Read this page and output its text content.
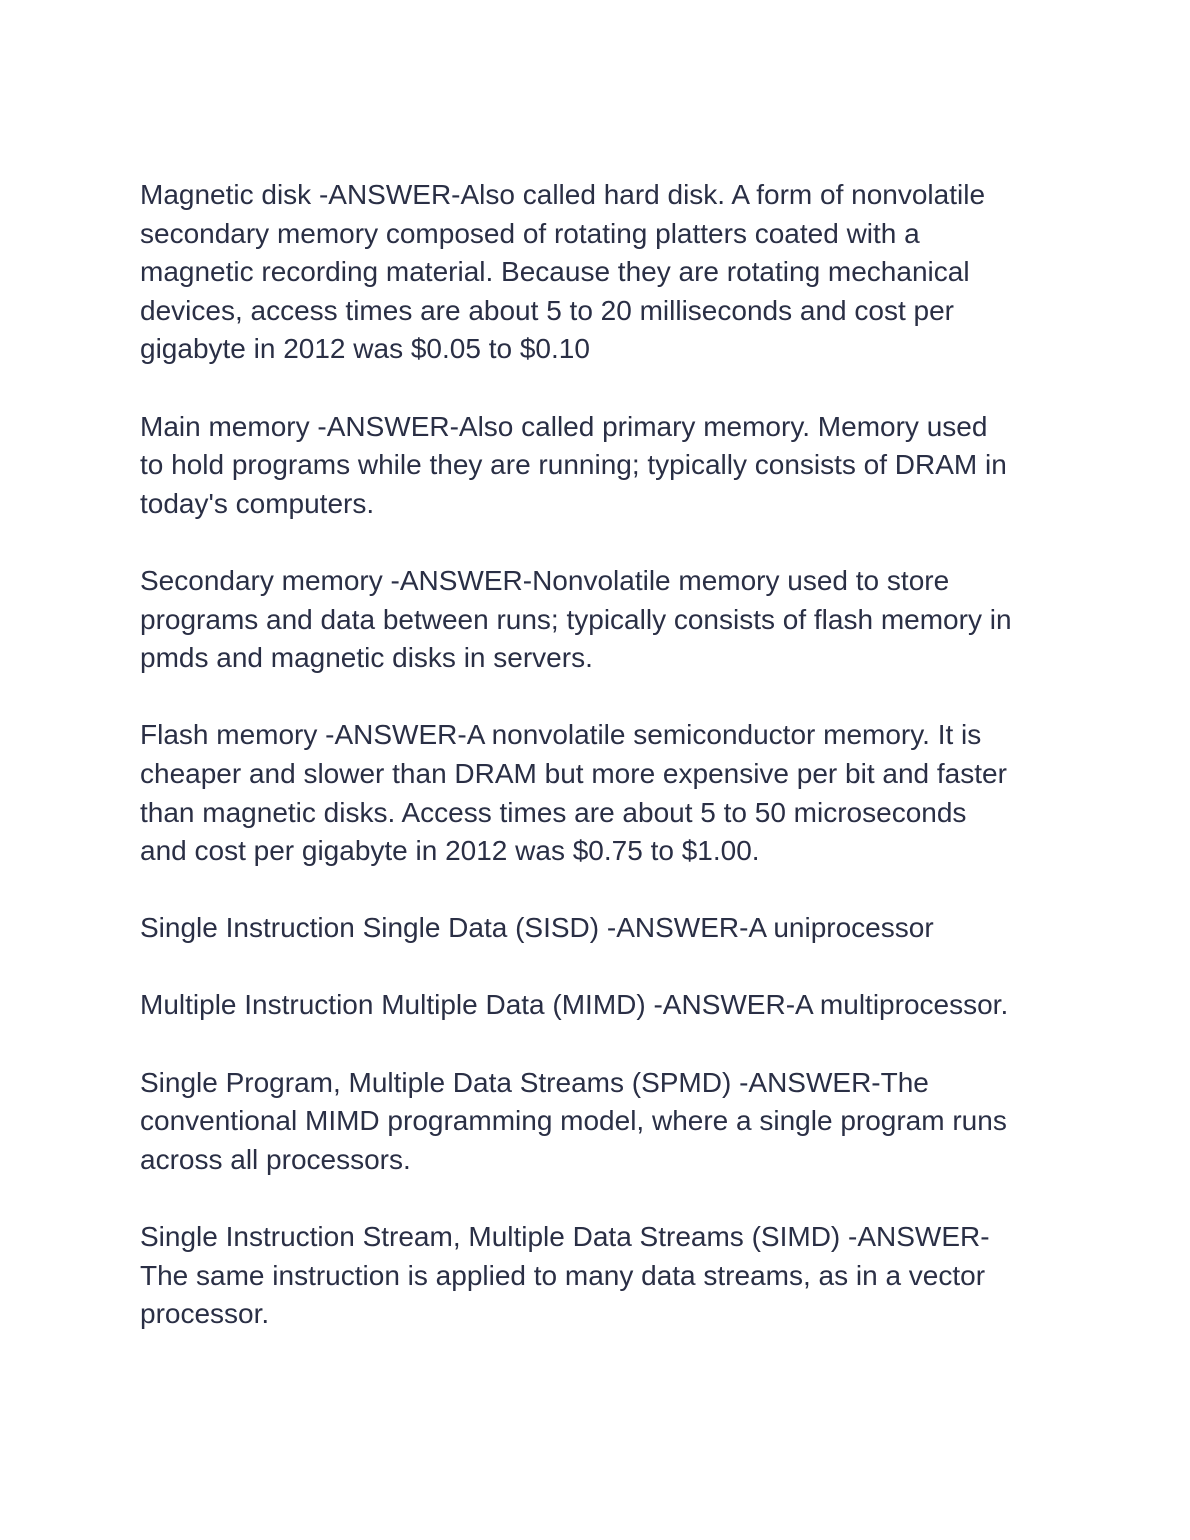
Magnetic disk -ANSWER-Also called hard disk. A form of nonvolatile
secondary memory composed of rotating platters coated with a
magnetic recording material. Because they are rotating mechanical
devices, access times are about 5 to 20 milliseconds and cost per
gigabyte in 2012 was $0.05 to $0.10

Main memory -ANSWER-Also called primary memory. Memory used
to hold programs while they are running; typically consists of DRAM in
today's computers.

Secondary memory -ANSWER-Nonvolatile memory used to store
programs and data between runs; typically consists of flash memory in
pmds and magnetic disks in servers.

Flash memory -ANSWER-A nonvolatile semiconductor memory. It is
cheaper and slower than DRAM but more expensive per bit and faster
than magnetic disks. Access times are about 5 to 50 microseconds
and cost per gigabyte in 2012 was $0.75 to $1.00.

Single Instruction Single Data (SISD) -ANSWER-A uniprocessor

Multiple Instruction Multiple Data (MIMD) -ANSWER-A multiprocessor.

Single Program, Multiple Data Streams (SPMD) -ANSWER-The
conventional MIMD programming model, where a single program runs
across all processors.

Single Instruction Stream, Multiple Data Streams (SIMD) -ANSWER-
The same instruction is applied to many data streams, as in a vector
processor.
